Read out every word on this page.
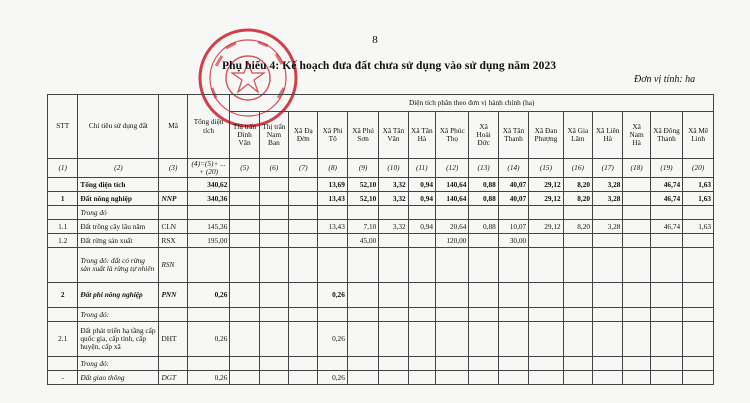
8
Phụ biểu 4: Kế hoạch đưa đất chưa sử dụng vào sử dụng năm 2023
Đơn vị tính: ha
STT	Chỉ tiêu sử dụng đất	Mã	Tổng diện tích	Diện tích phân theo đơn vị hành chính (ha)															
				Thị trấn Đình Văn	Thị trấn Nam Ban	Xã Đạ Đờn	Xã Phi Tô	Xã Phú Sơn	Xã Tân Văn	Xã Tân Hà	Xã Phúc Thọ	Xã Hoài Đức	Xã Tân Thanh	Xã Đan Phượng	Xã Gia Lâm	Xã Liên Hà	Xã Nam Hà	Xã Đông Thanh	Xã Mê Linh
(1)	(2)	(3)	(4)=(5)+ ... + (20)	(5)	(6)	(7)	(8)	(9)	(10)	(11)	(12)	(13)	(14)	(15)	(16)	(17)	(18)	(19)	(20)
	Tổng diện tích		340,62				13,69	52,10	3,32	0,94	140,64	0,88	40,07	29,12	8,20	3,28		46,74	1,63
1	Đất nông nghiệp	NNP	340,36				13,43	52,10	3,32	0,94	140,64	0,88	40,07	29,12	8,20	3,28		46,74	1,63
	Trong đó																		
1.1	Đất trồng cây lâu năm	CLN	145,36				13,43	7,10	3,32	0,94	20,64	0,88	10,07	29,12	8,20	3,28		46,74	1,63
1.2	Đất rừng sản xuất	RSX	195,00					45,00			120,00		30,00						
	Trong đó: đất có rừng sản xuất là rừng tự nhiên	RSN																	
2	Đất phi nông nghiệp	PNN	0,26				0,26												
	Trong đó:																		
2.1	Đất phát triển hạ tầng cấp quốc gia, cấp tỉnh, cấp huyện, cấp xã	DHT	0,26				0,26												
	Trong đó:																		
-	Đất giao thông	DGT	0,26				0,26												
